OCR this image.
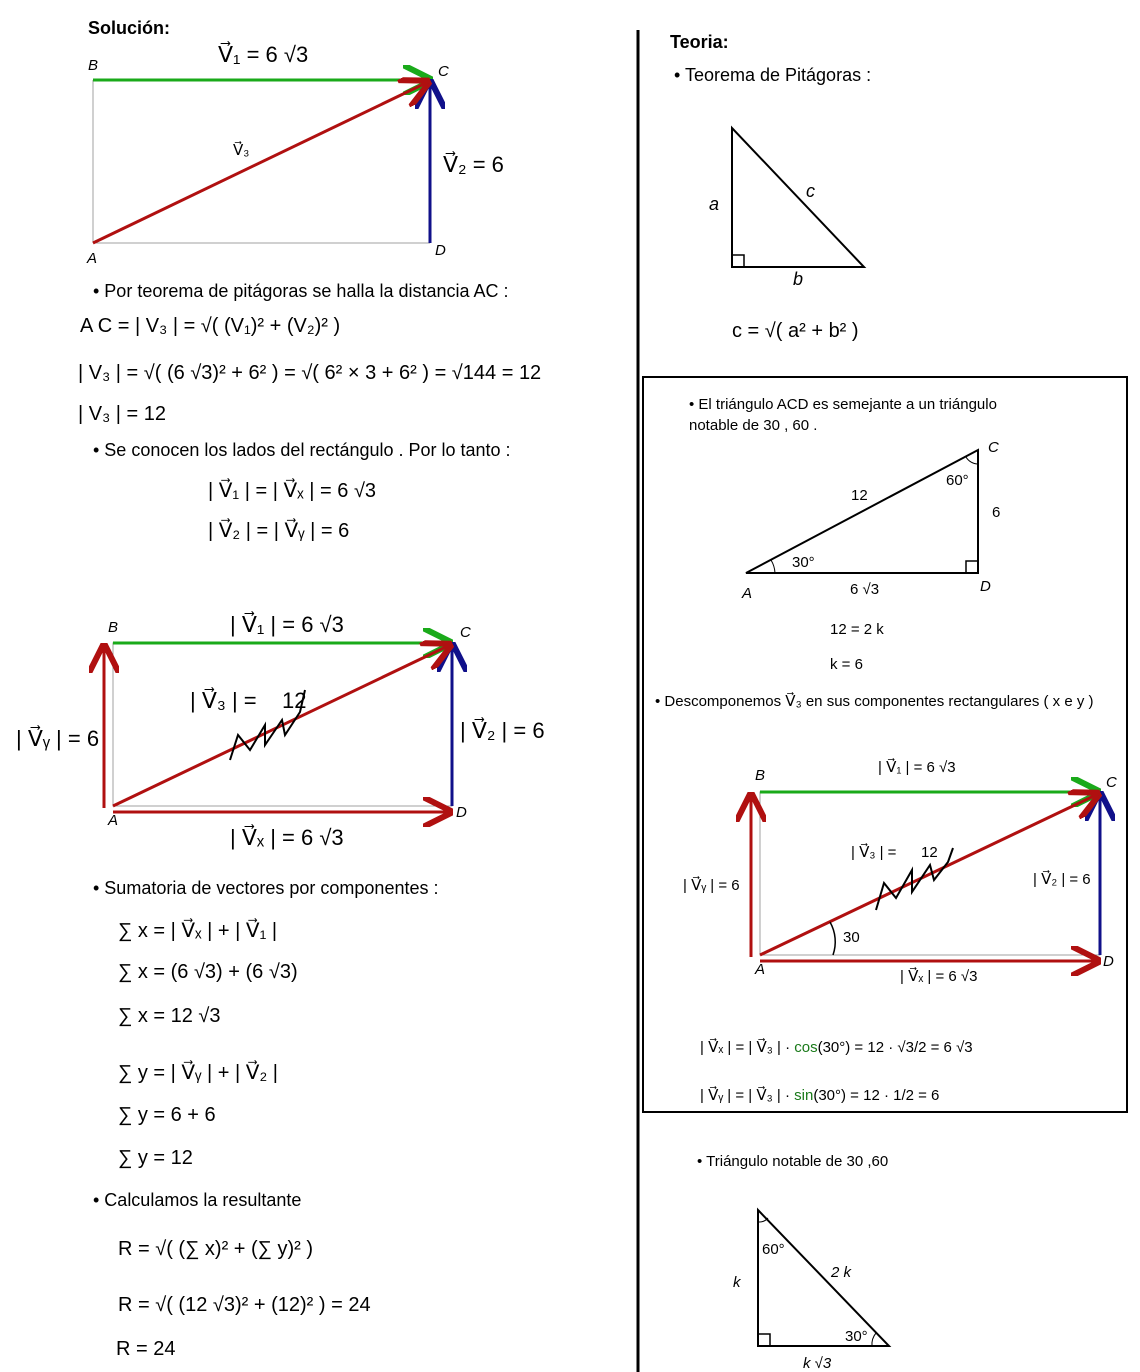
B	C
A	D
V⃗₁ = 6 √3
V⃗₃
V⃗₂ = 6
B	C
A	D
| V⃗₁ | = 6 √3
| V⃗₃ | = 12
| V⃗₂ | = 6
| V⃗ᵧ | = 6
| V⃗ₓ | = 6 √3
a
c
b
A
C
D
12
6
6 √3
30°
60°
B	C
A	D
| V⃗₁ | = 6 √3
| V⃗₃ | = 12
| V⃗₂ | = 6
| V⃗ᵧ | = 6
| V⃗ₓ | = 6 √3
30
60°
30°
k
2 k
k √3
Solución:
• Por teorema de pitágoras se halla la distancia AC :
A C = | V₃ | = √( (V₁)² + (V₂)² )
| V₃ | = √( (6 √3)² + 6² ) = √( 6² × 3 + 6² ) = √144 = 12
| V₃ | = 12
• Se conocen los lados del rectángulo . Por lo tanto :
| V⃗₁ | = | V⃗ₓ | = 6 √3
| V⃗₂ | = | V⃗ᵧ | = 6
• Sumatoria de vectores por componentes :
∑ x = | V⃗ₓ | + | V⃗₁ |
∑ x = (6 √3) + (6 √3)
∑ x = 12 √3
∑ y = | V⃗ᵧ | + | V⃗₂ |
∑ y = 6 + 6
∑ y = 12
• Calculamos la resultante
R = √( (∑ x)² + (∑ y)² )
R = √( (12 √3)² + (12)² ) = 24
R = 24
Teoria:
• Teorema de Pitágoras :
c = √( a² + b² )
• El triángulo ACD es semejante a un triángulo
notable de 30 , 60 .
12 = 2 k
k = 6
• Descomponemos V⃗₃ en sus componentes rectangulares ( x e y )
| V⃗ₓ | = | V⃗₃ | · cos(30°) = 12 · √3/2 = 6 √3
| V⃗ᵧ | = | V⃗₃ | · sin(30°) = 12 · 1/2 = 6
• Triángulo notable de 30 ,60
